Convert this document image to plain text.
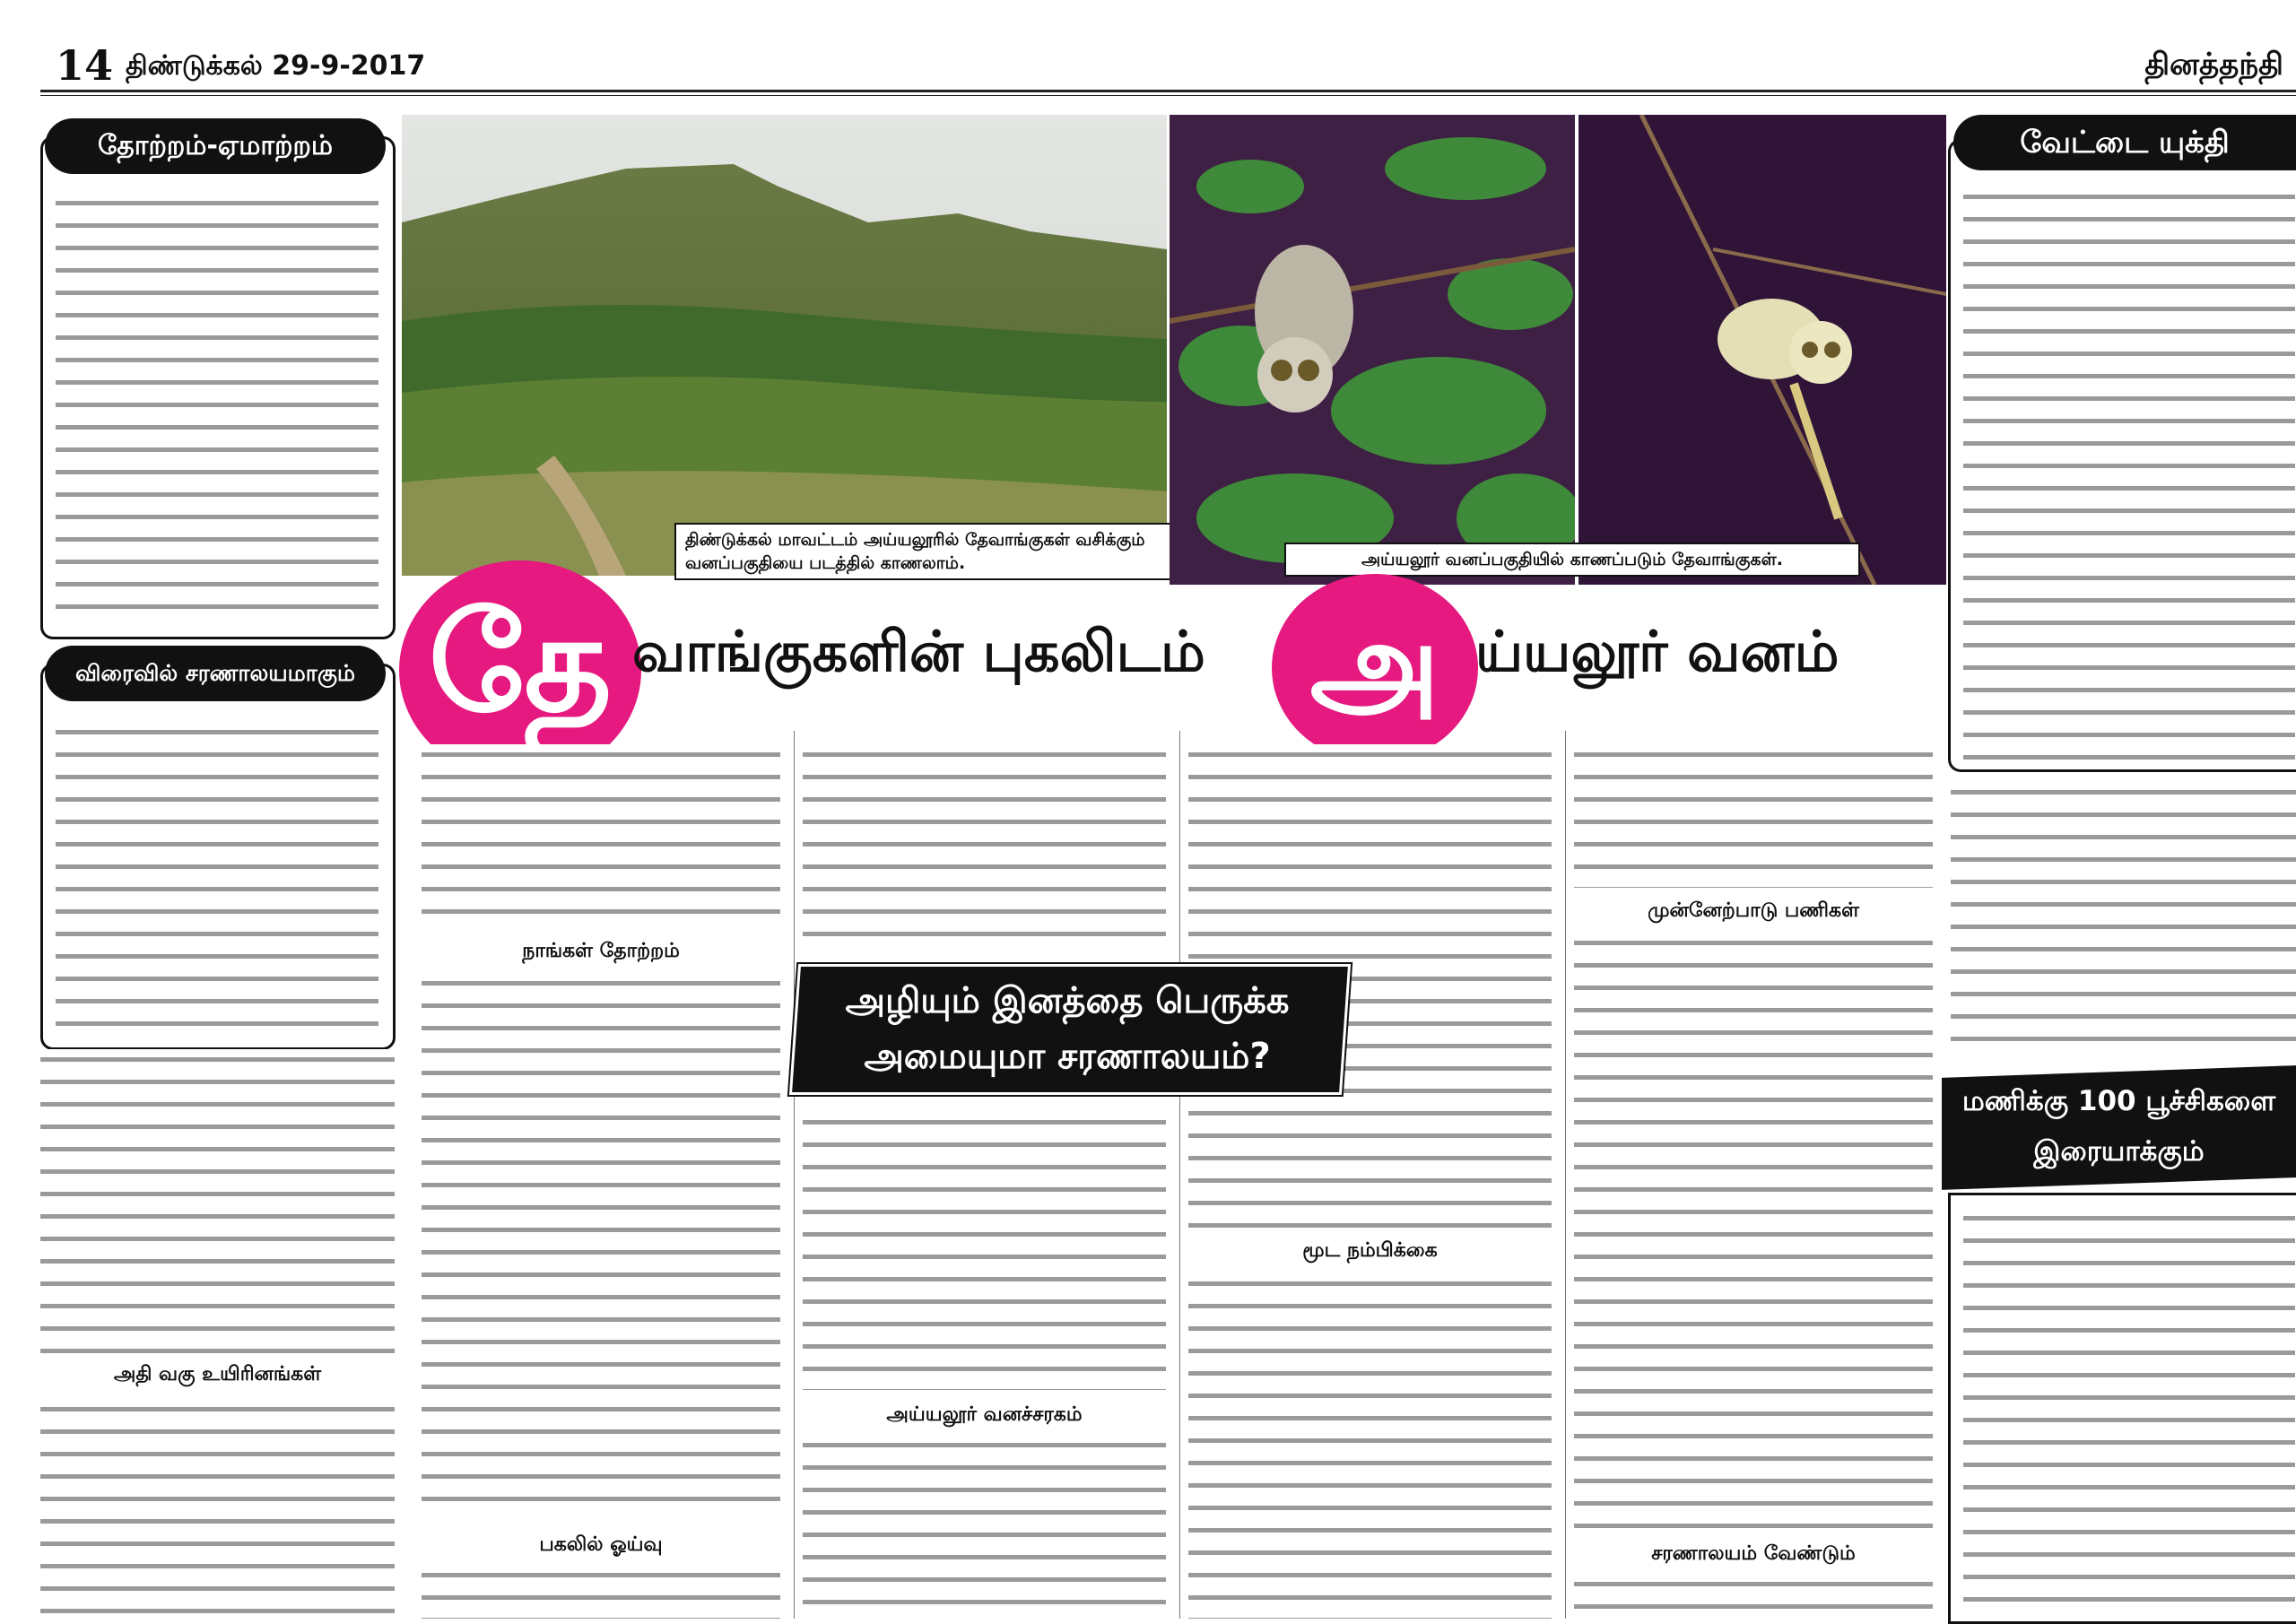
14 திண்டுக்கல் 29-9-2017	தினத்தந்தி
தோற்றம்-ஏமாற்றம்
விரைவில் சரணாலயமாகும்
அதி வகு உயிரினங்கள்
திண்டுக்கல் மாவட்டம் அய்யலூரில் தேவாங்குகள் வசிக்கும் வனப்பகுதியை படத்தில் காணலாம்.	அய்யலூர் வனப்பகுதியில் காணப்படும் தேவாங்குகள்.
தே வாங்குகளின் புகலிடம் அ ய்யலூர் வனம்
நாங்கள் தோற்றம்
பகலில் ஓய்வு
அய்யலூர் வனச்சரகம்
மூட நம்பிக்கை
முன்னேற்பாடு பணிகள்
சரணாலயம் வேண்டும்
அழியும் இனத்தை பெருக்க
அமையுமா சரணாலயம்?
வேட்டை யுக்தி
மணிக்கு 100 பூச்சிகளை
இரையாக்கும்
